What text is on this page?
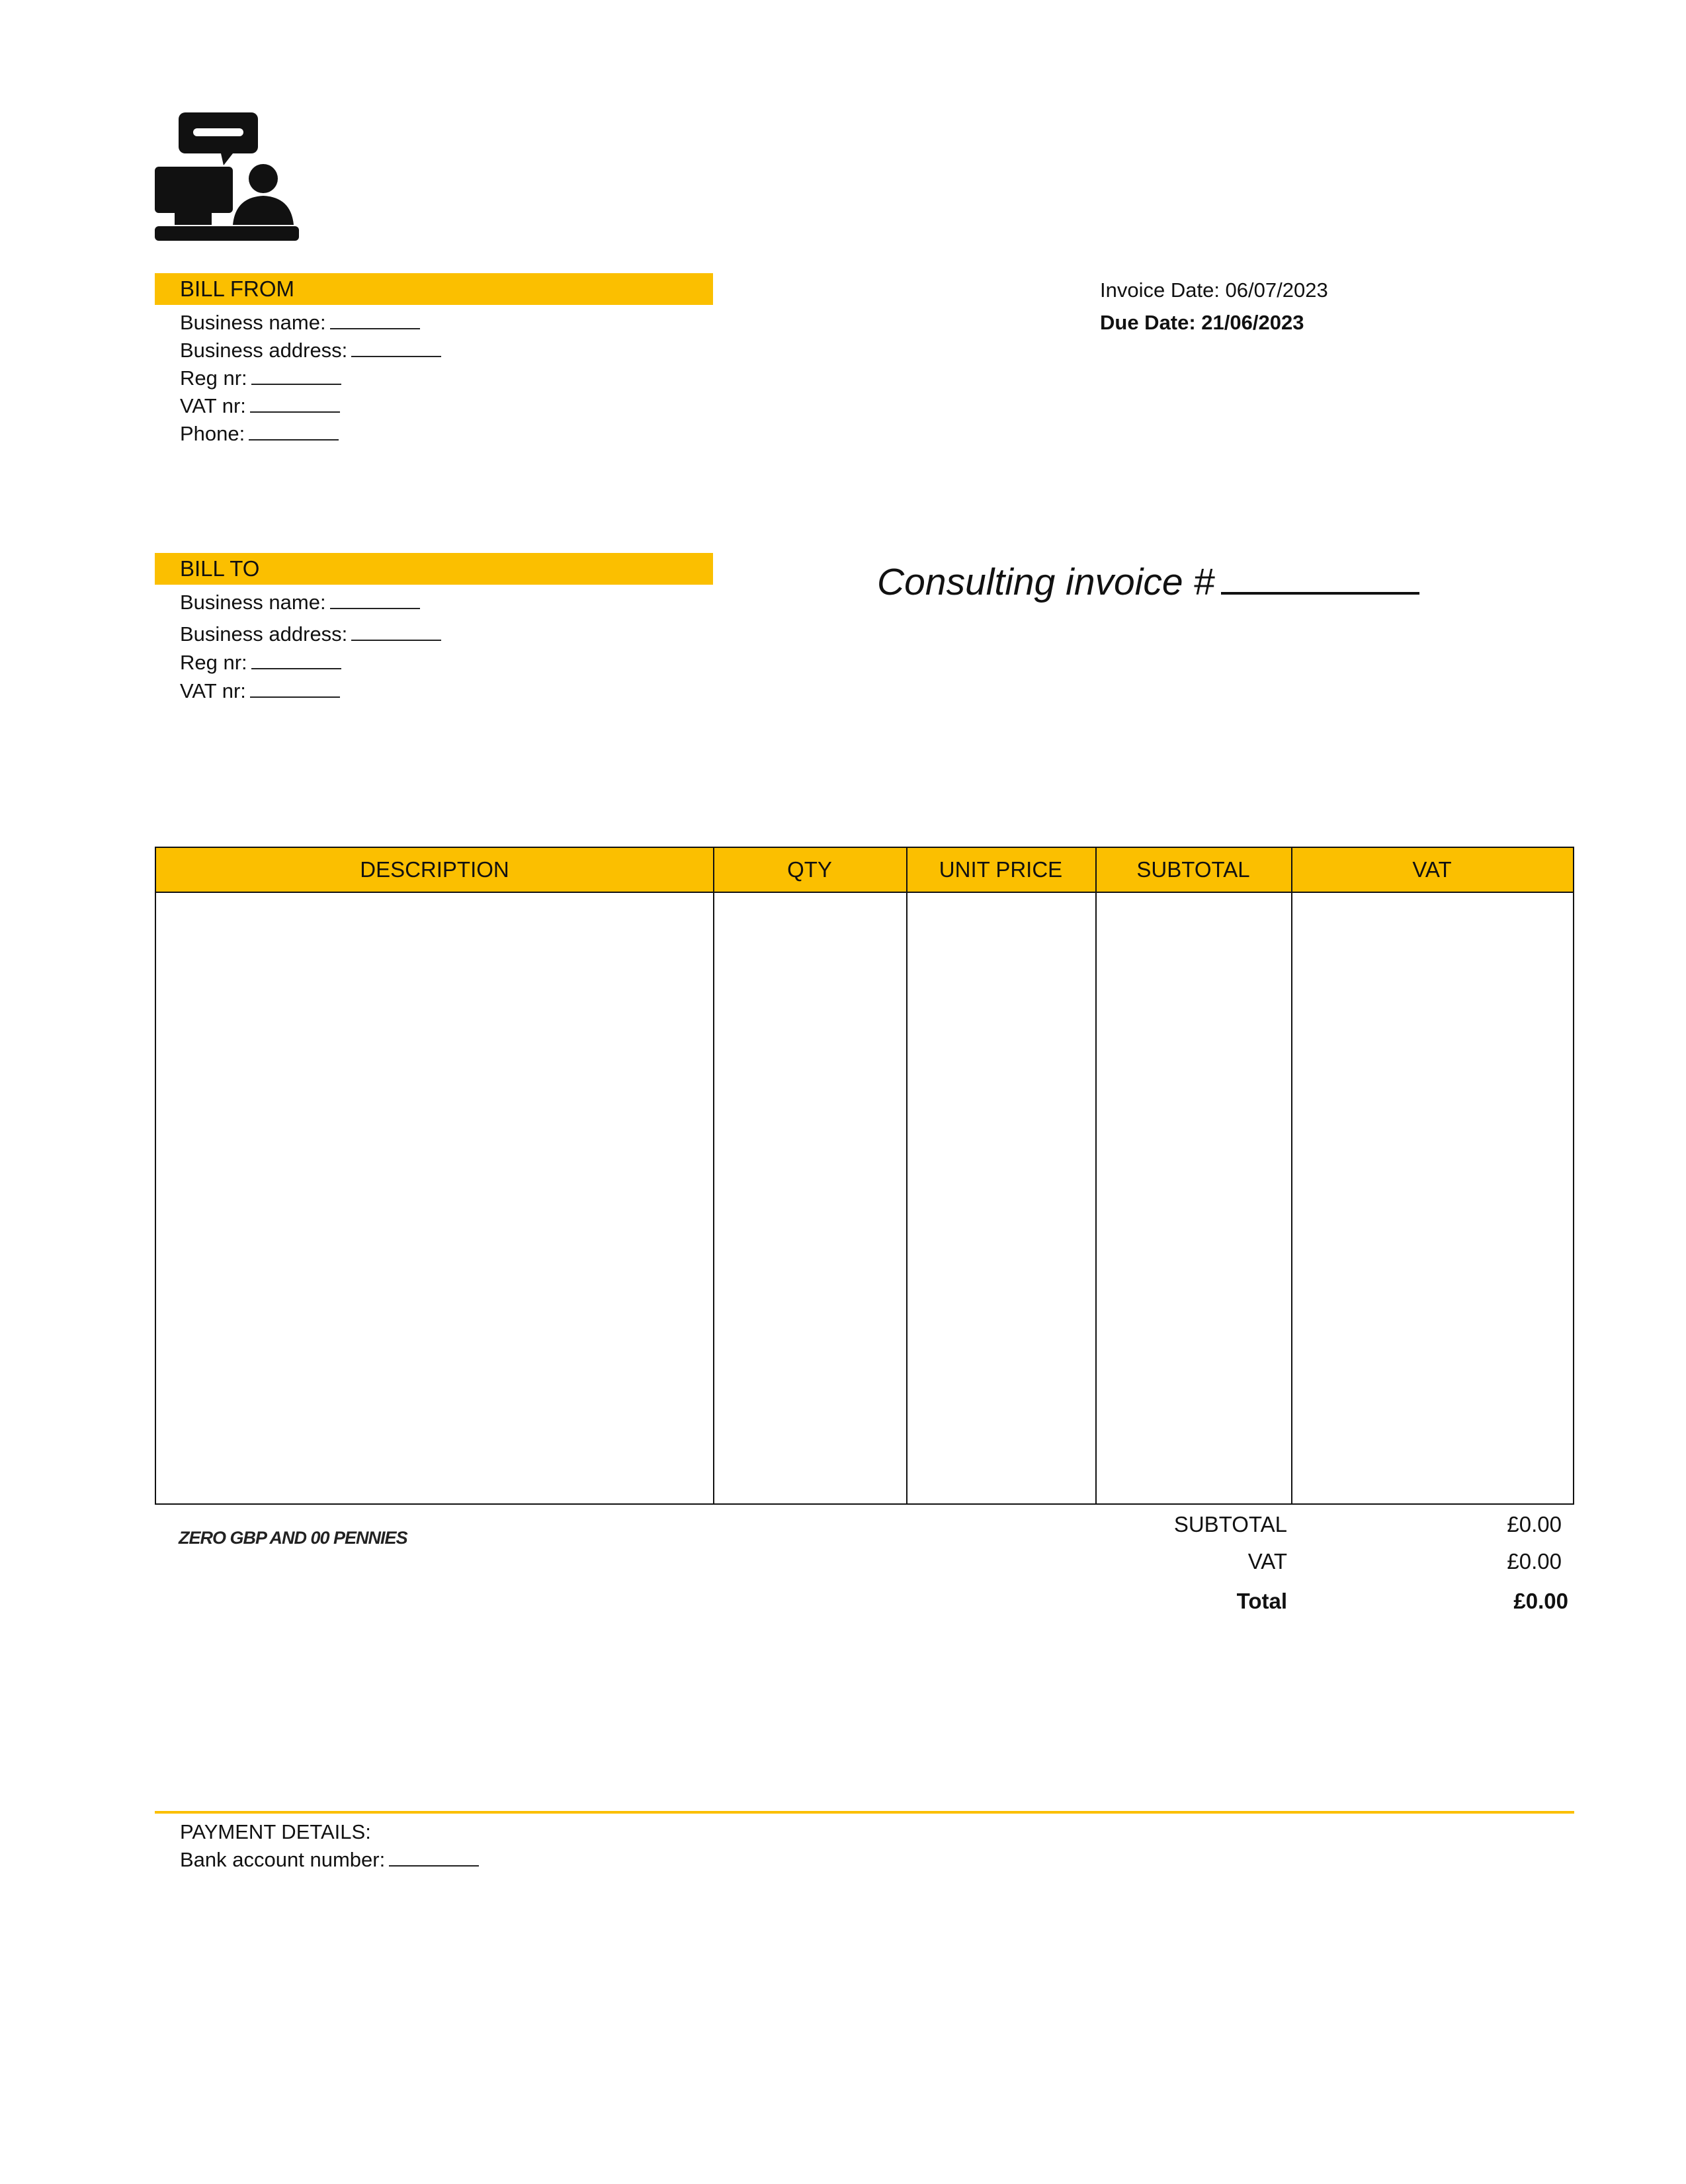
BILL FROM
Business name:
Business address:
Reg nr:
VAT nr:
Phone:
Invoice Date: 06/07/2023
Due Date: 21/06/2023
BILL TO
Business name:
Business address:
Reg nr:
VAT nr:
Consulting invoice #
DESCRIPTION	QTY	UNIT PRICE	SUBTOTAL	VAT
ZERO GBP AND 00 PENNIES
SUBTOTAL	£0.00
VAT	£0.00
Total	£0.00
PAYMENT DETAILS:
Bank account number:
